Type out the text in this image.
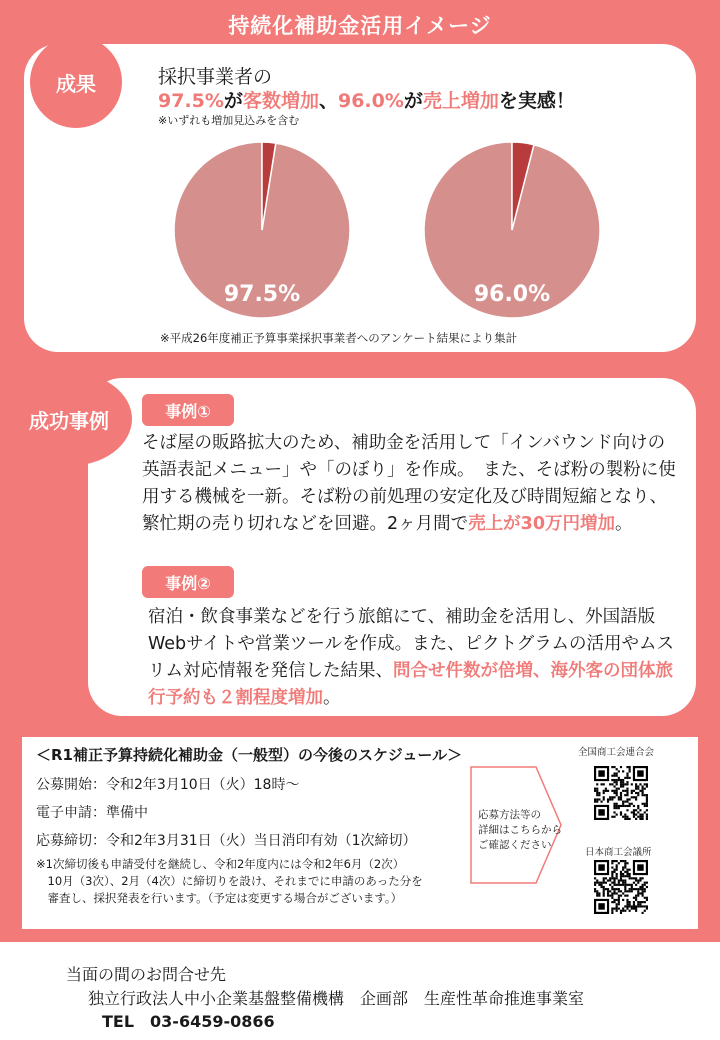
持続化補助金活用イメージ
成果	採択事業者の
97.5%が客数増加、96.0%が売上増加を実感！
※いずれも増加見込みを含む
97.5%	96.0%
※平成26年度補正予算事業採択事業者へのアンケート結果により集計
成功事例	事例①
そば屋の販路拡大のため、補助金を活用して「インバウンド向けの英語表記メニュー」や「のぼり」を作成。　また、そば粉の製粉に使用する機械を一新。そば粉の前処理の安定化及び時間短縮となり、繁忙期の売り切れなどを回避。2ヶ月間で売上が30万円増加。
事例②
宿泊・飲食事業などを行う旅館にて、補助金を活用し、外国語版Webサイトや営業ツールを作成。また、ピクトグラムの活用やムスリム対応情報を発信した結果、問合せ件数が倍増、海外客の団体旅行予約も２割程度増加。
＜R1補正予算持続化補助金（一般型）の今後のスケジュール＞
公募開始：令和2年3月10日（火）18時～
電子申請：準備中
応募締切：令和2年3月31日（火）当日消印有効（1次締切）
※1次締切後も申請受付を継続し、令和2年度内には令和2年6月（2次）
　10月（3次）、2月（4次）に締切りを設け、それまでに申請のあった分を
　審査し、採択発表を行います。（予定は変更する場合がございます。）
応募方法等の
詳細はこちらから
ご確認ください
全国商工会連合会
日本商工会議所
当面の間のお問合せ先
独立行政法人中小企業基盤整備機構　企画部　生産性革命推進事業室
TEL　03-6459-0866
